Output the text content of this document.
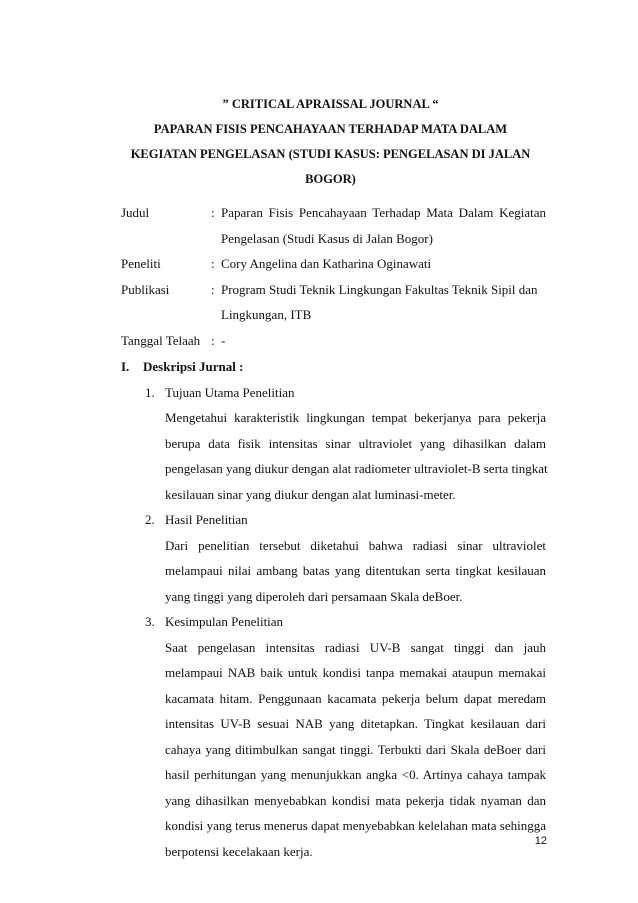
” CRITICAL APRAISSAL JOURNAL “
PAPARAN FISIS PENCAHAYAAN TERHADAP MATA DALAM
KEGIATAN PENGELASAN (STUDI KASUS: PENGELASAN DI JALAN
BOGOR)
Judul	: Paparan Fisis Pencahayaan Terhadap Mata Dalam Kegiatan
Pengelasan (Studi Kasus di Jalan Bogor)
Peneliti	: Cory Angelina dan Katharina Oginawati
Publikasi	: Program Studi Teknik Lingkungan Fakultas Teknik Sipil dan
Lingkungan, ITB
Tanggal Telaah : -
I.	Deskripsi Jurnal :
1. Tujuan Utama Penelitian
Mengetahui karakteristik lingkungan tempat bekerjanya para pekerja
berupa data fisik intensitas sinar ultraviolet yang dihasilkan dalam
pengelasan yang diukur dengan alat radiometer ultraviolet-B serta tingkat
kesilauan sinar yang diukur dengan alat luminasi-meter.
2. Hasil Penelitian
Dari penelitian tersebut diketahui bahwa radiasi sinar ultraviolet
melampaui nilai ambang batas yang ditentukan serta tingkat kesilauan
yang tinggi yang diperoleh dari persamaan Skala deBoer.
3. Kesimpulan Penelitian
Saat pengelasan intensitas radiasi UV-B sangat tinggi dan jauh
melampaui NAB baik untuk kondisi tanpa memakai ataupun memakai
kacamata hitam. Penggunaan kacamata pekerja belum dapat meredam
intensitas UV-B sesuai NAB yang ditetapkan. Tingkat kesilauan dari
cahaya yang ditimbulkan sangat tinggi. Terbukti dari Skala deBoer dari
hasil perhitungan yang menunjukkan angka <0. Artinya cahaya tampak
yang dihasilkan menyebabkan kondisi mata pekerja tidak nyaman dan
kondisi yang terus menerus dapat menyebabkan kelelahan mata sehingga
berpotensi kecelakaan kerja.
12
